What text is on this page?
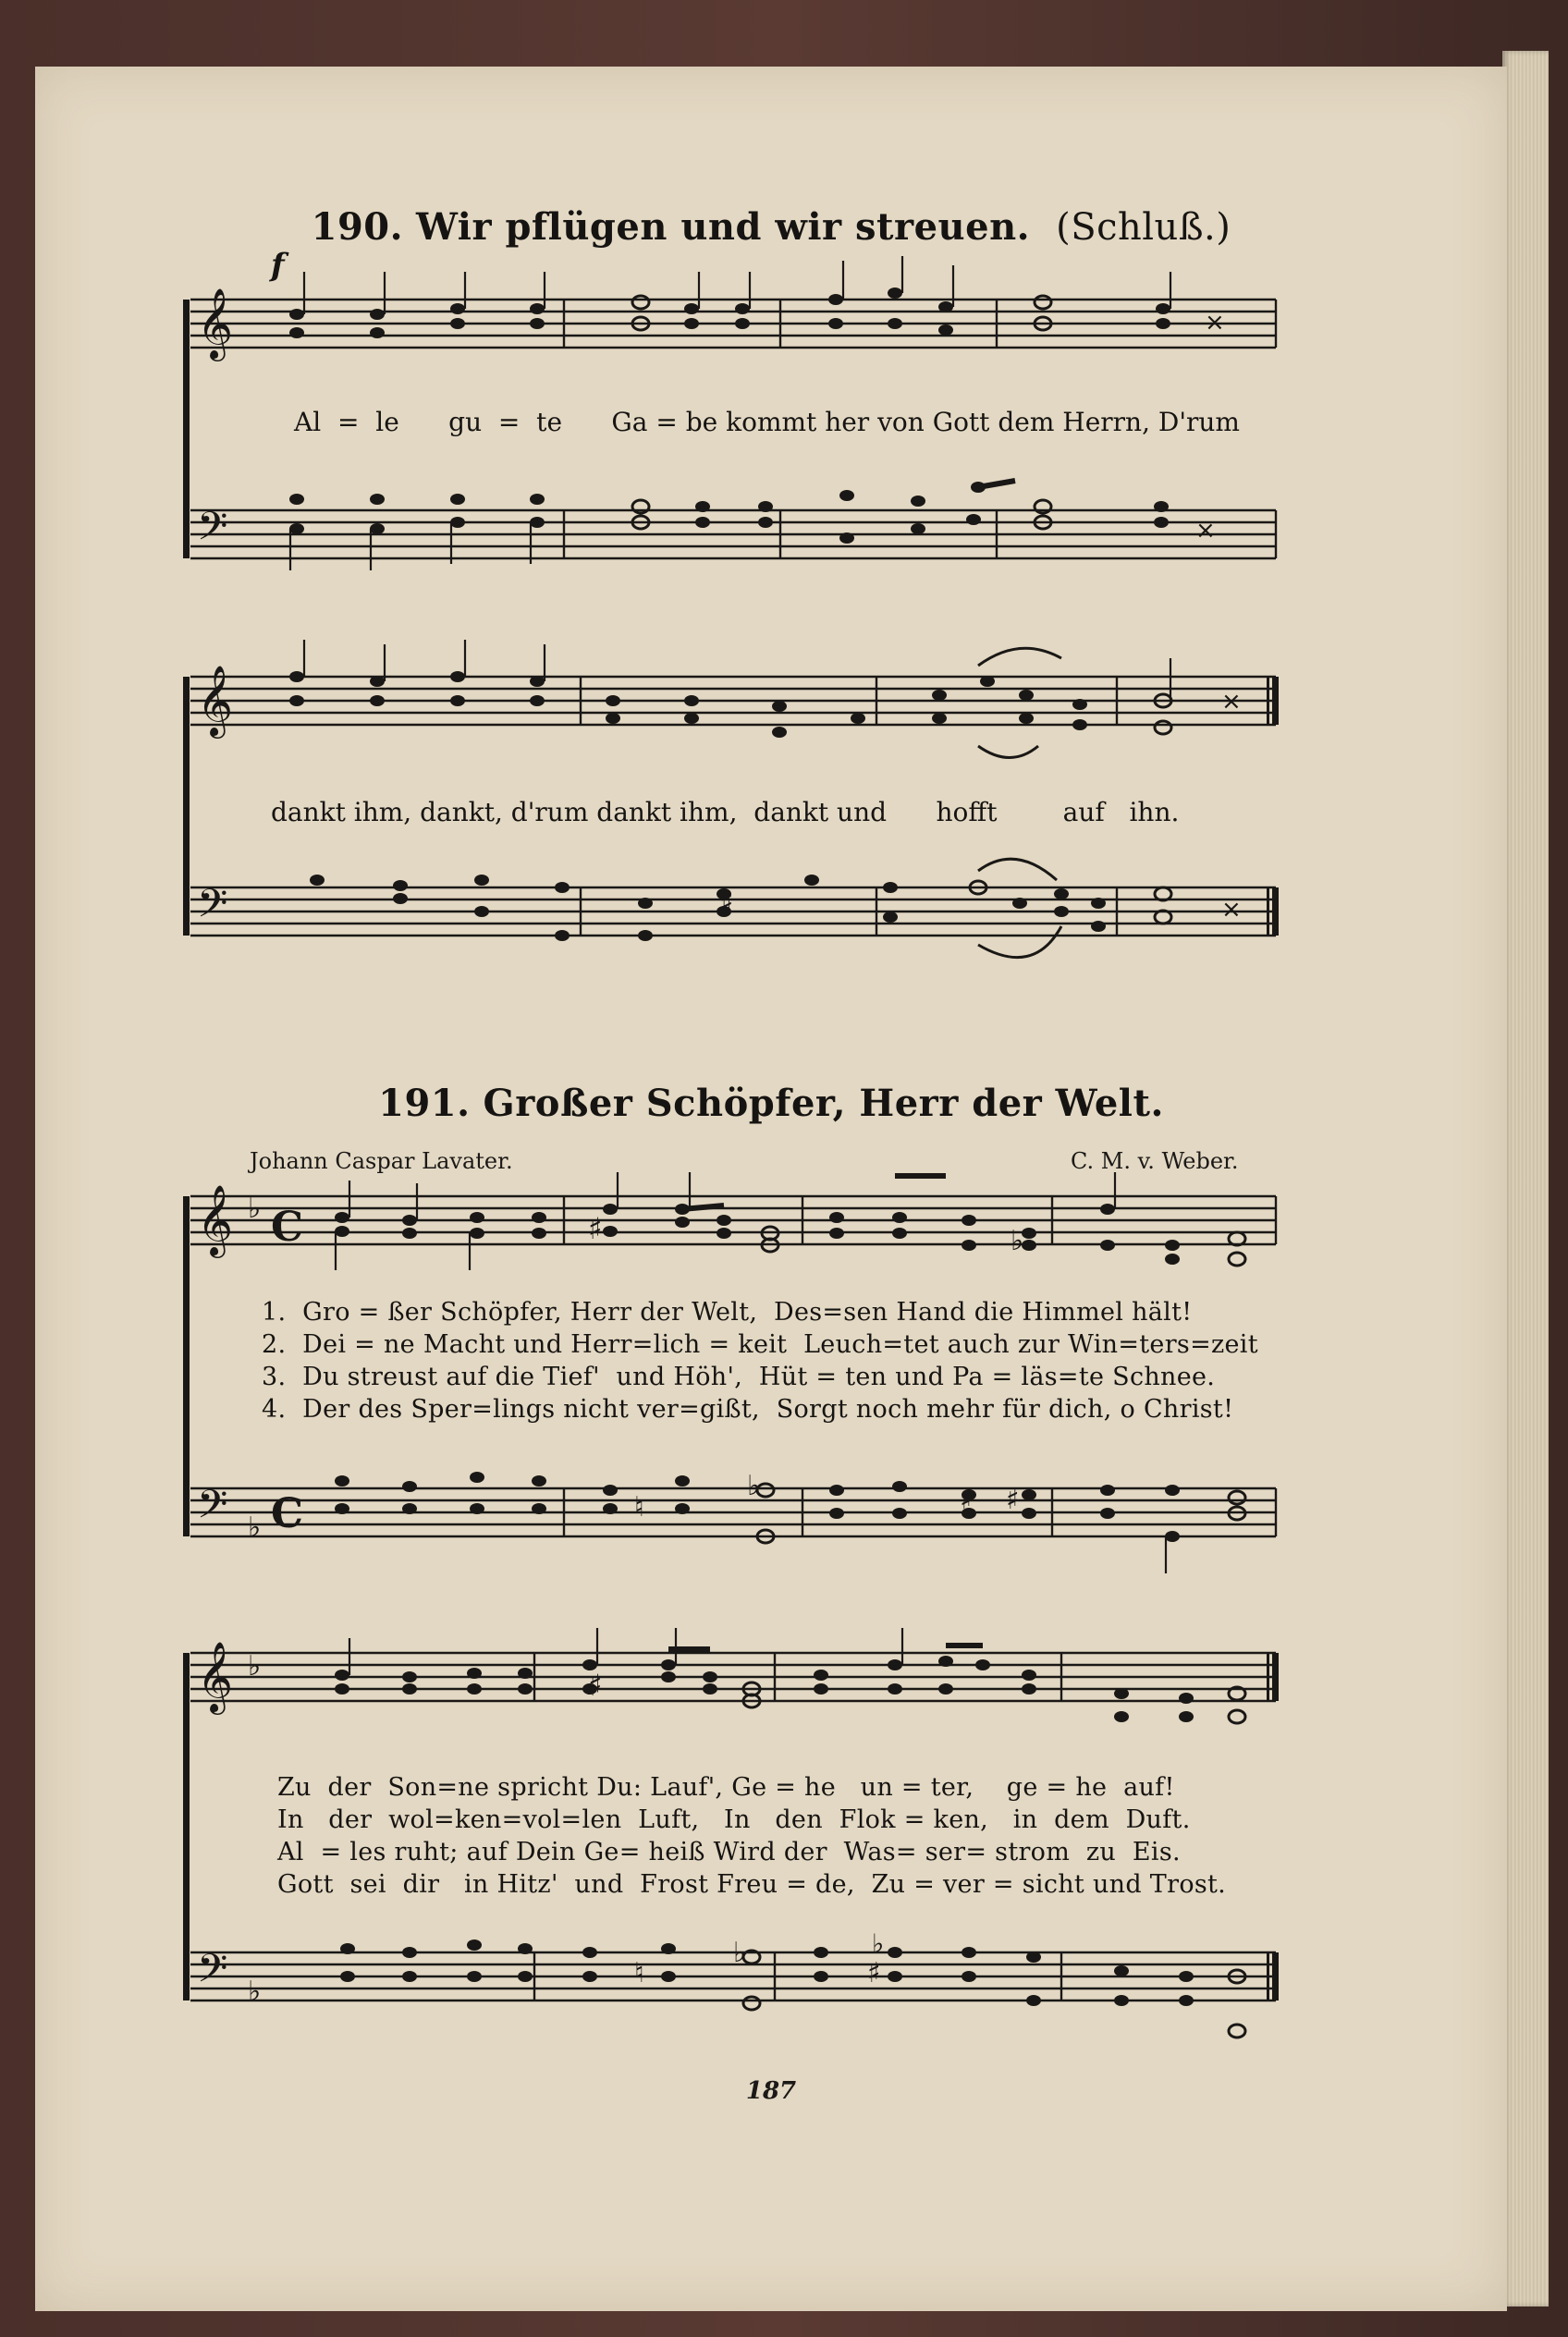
190. Wir pflügen und wir streuen. (Schluß.)
f
𝄞
𝄢
𝄞
𝄢
𝄞
𝄢
𝄞
𝄢
♭
♭
♭
♭
C
C
♯
♯	♭
♮
♭	♯ ♯
♯
♮
♭
♯
♭
×
×
×
×
Al  =  le      gu  =  te      Ga = be kommt her von Gott dem Herrn, D'rum
dankt ihm, dankt, d'rum dankt ihm,  dankt und      hofft        auf   ihn.
191. Großer Schöpfer, Herr der Welt.
Johann Caspar Lavater.	C. M. v. Weber.
1.  Gro = ßer Schöpfer, Herr der Welt,  Des=sen Hand die Himmel hält!
2.  Dei = ne Macht und Herr=lich = keit  Leuch=tet auch zur Win=ters=zeit
3.  Du streust auf die Tief'  und Höh',  Hüt = ten und Pa = läs=te Schnee.
4.  Der des Sper=lings nicht ver=gißt,  Sorgt noch mehr für dich, o Christ!
Zu  der  Son=ne spricht Du: Lauf', Ge = he   un = ter,    ge = he  auf!
In   der  wol=ken=vol=len  Luft,   In   den  Flok = ken,   in  dem  Duft.
Al  = les ruht; auf Dein Ge= heiß Wird der  Was= ser= strom  zu  Eis.
Gott  sei  dir   in Hitz'  und  Frost Freu = de,  Zu = ver = sicht und Trost.
187
